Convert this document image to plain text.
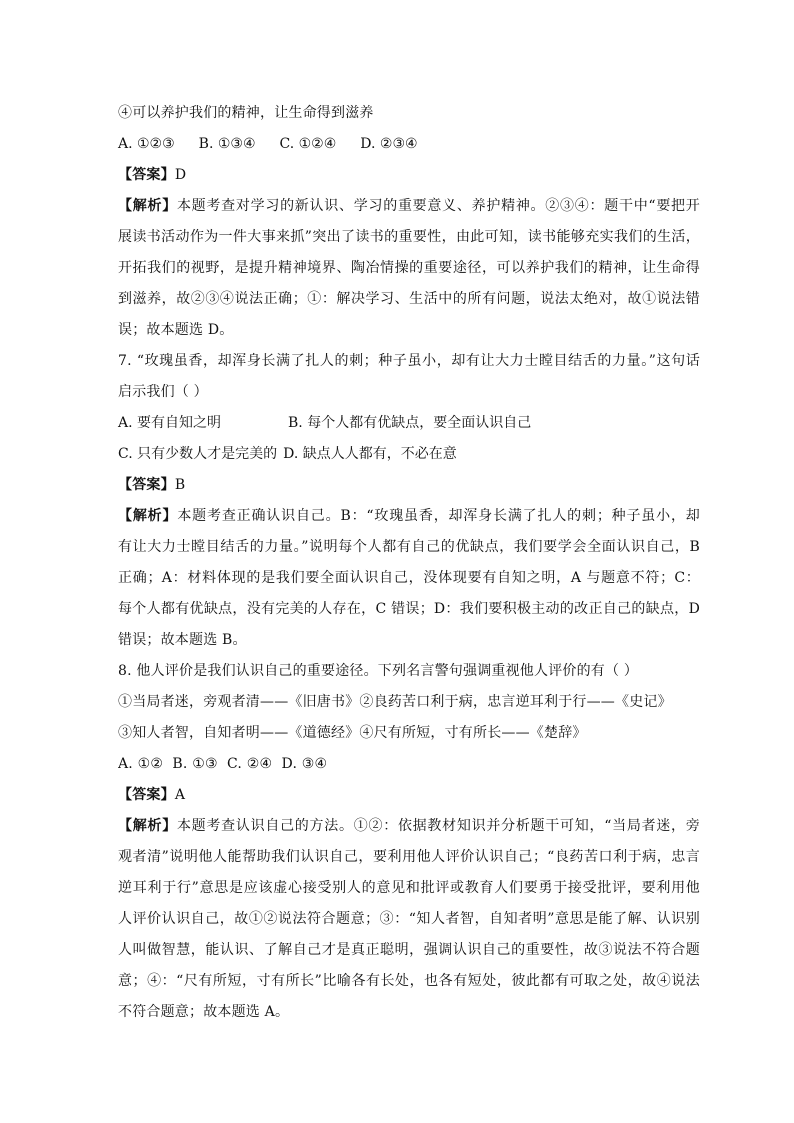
④可以养护我们的精神，让生命得到滋养
A. ①②③ B. ①③④ C. ①②④ D. ②③④
【答案】D
【解析】本题考查对学习的新认识、学习的重要意义、养护精神。②③④：题干中“要把开
展读书活动作为一件大事来抓”突出了读书的重要性，由此可知，读书能够充实我们的生活，
开拓我们的视野，是提升精神境界、陶冶情操的重要途径，可以养护我们的精神，让生命得
到滋养，故②③④说法正确；①：解决学习、生活中的所有问题，说法太绝对，故①说法错
误；故本题选 D。
7. “玫瑰虽香，却浑身长满了扎人的刺；种子虽小，却有让大力士瞠目结舌的力量。”这句话
启示我们（ ）
A. 要有自知之明	B. 每个人都有优缺点，要全面认识自己
C. 只有少数人才是完美的 D. 缺点人人都有，不必在意
【答案】B
【解析】本题考查正确认识自己。B：“玫瑰虽香，却浑身长满了扎人的刺；种子虽小，却
有让大力士瞠目结舌的力量。”说明每个人都有自己的优缺点，我们要学会全面认识自己，B
正确；A：材料体现的是我们要全面认识自己，没体现要有自知之明，A 与题意不符；C：
每个人都有优缺点，没有完美的人存在，C 错误；D：我们要积极主动的改正自己的缺点，D
错误；故本题选 B。
8. 他人评价是我们认识自己的重要途径。下列名言警句强调重视他人评价的有（ ）
①当局者迷，旁观者清——《旧唐书》②良药苦口利于病，忠言逆耳利于行——《史记》
③知人者智，自知者明——《道德经》④尺有所短，寸有所长——《楚辞》
A. ①②  B. ①③  C. ②④  D. ③④
【答案】A
【解析】本题考查认识自己的方法。①②：依据教材知识并分析题干可知，“当局者迷，旁
观者清”说明他人能帮助我们认识自己，要利用他人评价认识自己；“良药苦口利于病，忠言
逆耳利于行”意思是应该虚心接受别人的意见和批评或教育人们要勇于接受批评，要利用他
人评价认识自己，故①②说法符合题意；③：“知人者智，自知者明”意思是能了解、认识别
人叫做智慧，能认识、了解自己才是真正聪明，强调认识自己的重要性，故③说法不符合题
意；④：“尺有所短，寸有所长”比喻各有长处，也各有短处，彼此都有可取之处，故④说法
不符合题意；故本题选 A。
